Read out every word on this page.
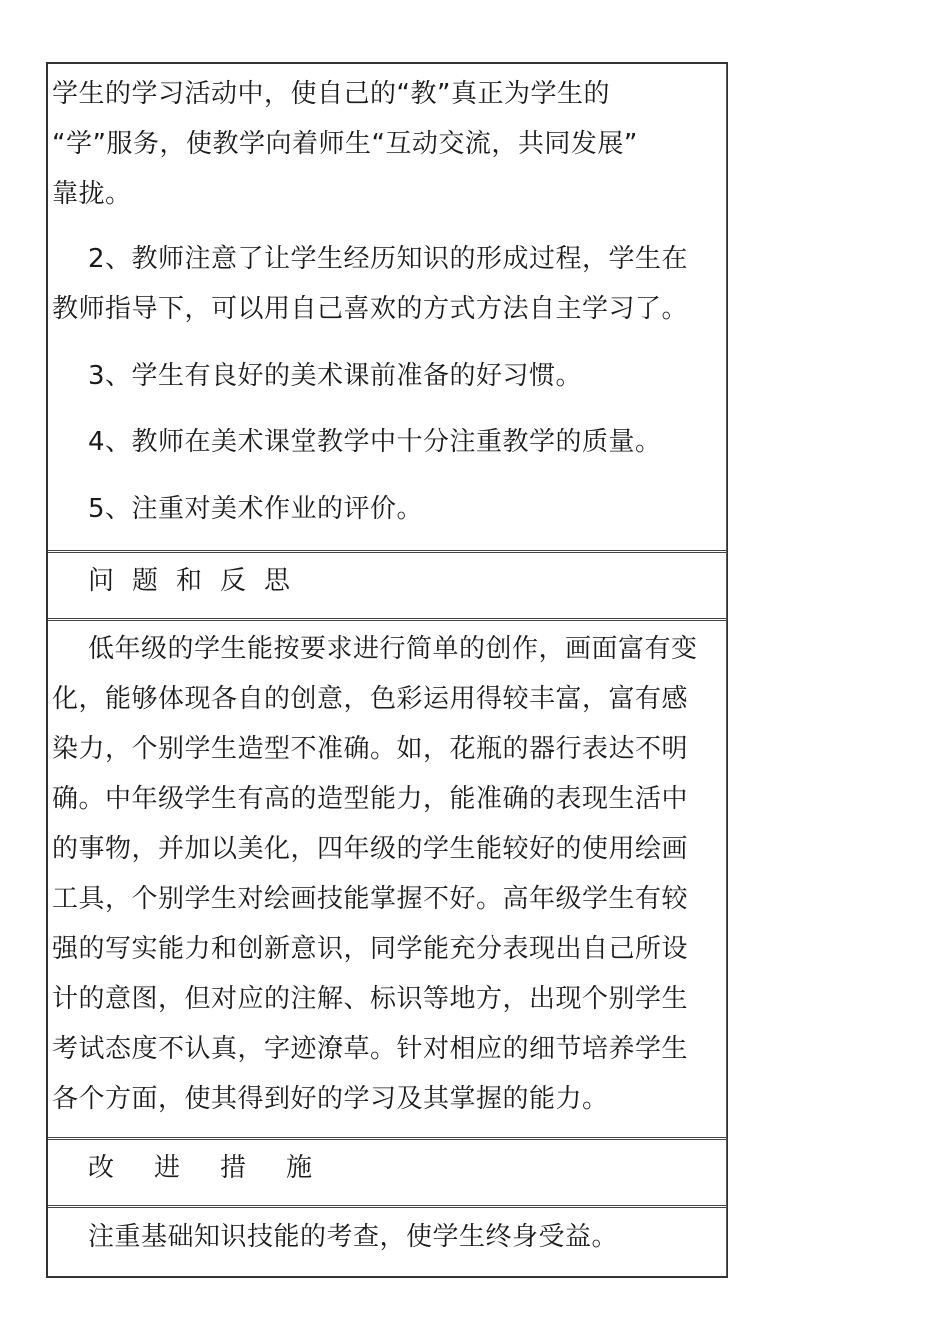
学生的学习活动中，使自己的“教”真正为学生的
“学”服务，使教学向着师生“互动交流，共同发展”
靠拢。
2、教师注意了让学生经历知识的形成过程，学生在
教师指导下，可以用自己喜欢的方式方法自主学习了。
3、学生有良好的美术课前准备的好习惯。
4、教师在美术课堂教学中十分注重教学的质量。
5、注重对美术作业的评价。
问题和反思
低年级的学生能按要求进行简单的创作，画面富有变
化，能够体现各自的创意，色彩运用得较丰富，富有感
染力，个别学生造型不准确。如，花瓶的器行表达不明
确。中年级学生有高的造型能力，能准确的表现生活中
的事物，并加以美化，四年级的学生能较好的使用绘画
工具，个别学生对绘画技能掌握不好。高年级学生有较
强的写实能力和创新意识，同学能充分表现出自己所设
计的意图，但对应的注解、标识等地方，出现个别学生
考试态度不认真，字迹潦草。针对相应的细节培养学生
各个方面，使其得到好的学习及其掌握的能力。
改进措施
注重基础知识技能的考查，使学生终身受益。
